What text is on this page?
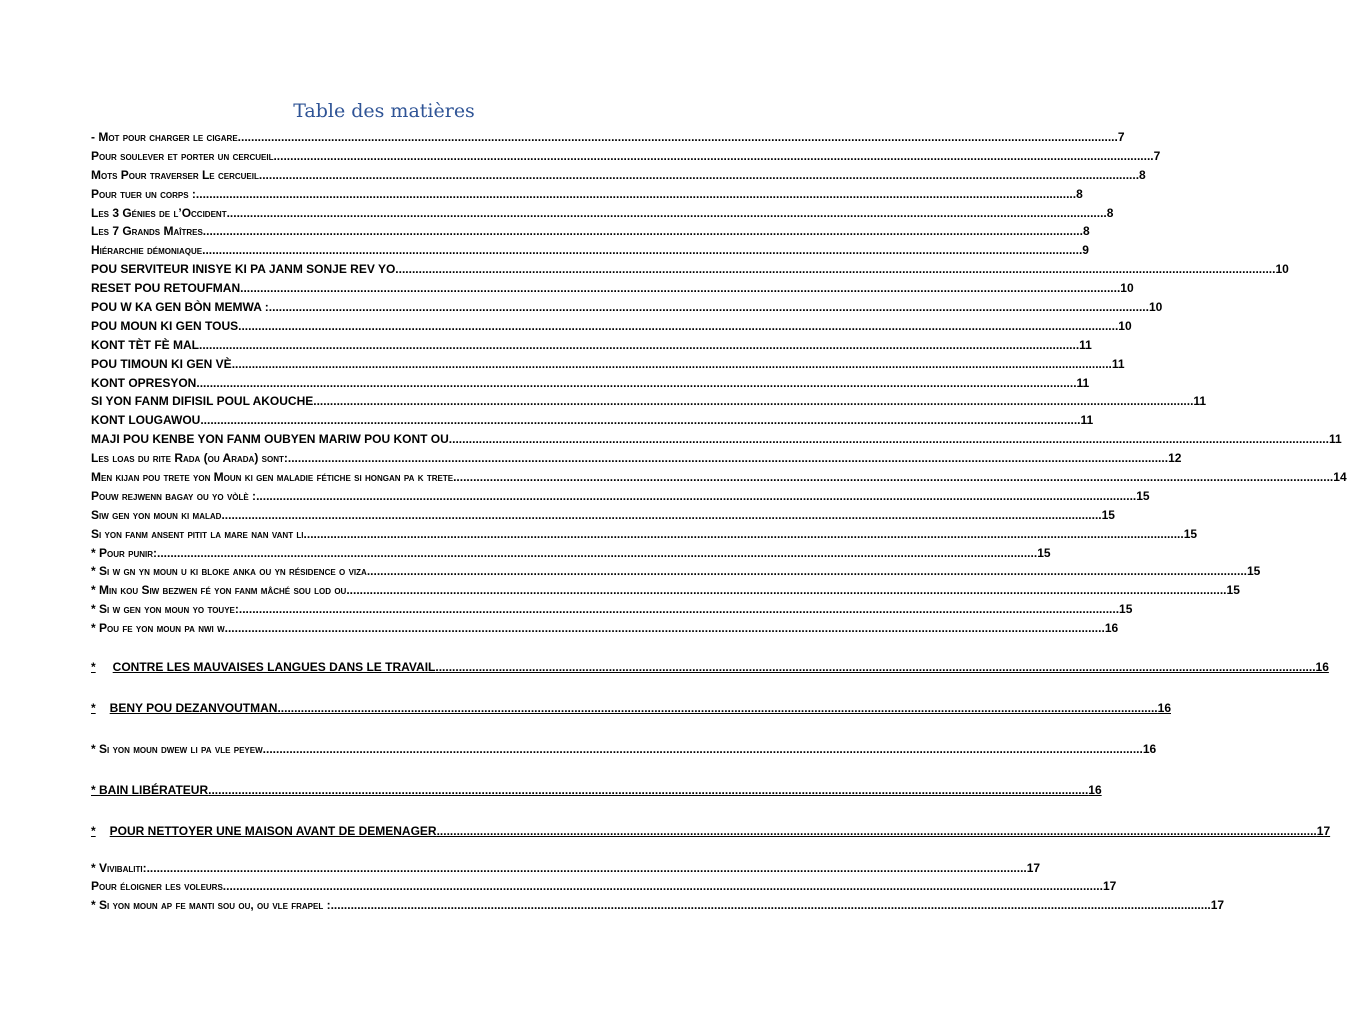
Table des matières
- Mot pour charger le cigare .....	7
Pour soulever et porter un cercueil .....	7
Mots Pour traverser Le cercueil .....	8
Pour tuer un corps : .....	8
Les 3 Génies de l’Occident .....	8
Les 7 Grands Maîtres .....	8
Hiérarchie démoniaque .....	9
POU SERVITEUR INISYE KI PA JANM SONJE REV YO .....	10
RESET POU RETOUFMAN .....	10
POU W KA GEN BÒN MEMWA : .....	10
POU MOUN KI GEN TOUS .....	10
KONT TÈT FÈ MAL .....	11
POU TIMOUN KI GEN VÈ .....	11
KONT OPRESYON .....	11
SI YON FANM DIFISIL POUL AKOUCHE .....	11
KONT LOUGAWOU .....	11
MAJI POU KENBE YON FANM OUBYEN MARIW POU KONT OU .....	11
Les loas du rite Rada (ou Arada) sont: .....	12
Men kijan pou trete yon Moun ki gen maladie fétiche si hongan pa k trete .....	14
Pouw rejwenn bagay ou yo vòlè : .....	15
Siw gen yon moun ki malad .....	15
Si yon fanm ansent pitit la mare nan vant li .....	15
* Pour punir: .....	15
* Si w gn yn moun u ki bloke anka ou yn résidence o viza .....	15
* Min kou Siw bezwen fé yon fanm mâché sou lod ou .....	15
* Si w gen yon moun yo touye: .....	15
* Pou fe yon moun pa nwi w .....	16
* CONTRE LES MAUVAISES LANGUES DANS LE TRAVAIL .....	16
* BENY POU DEZANVOUTMAN .....	16
* Si yon moun dwew li pa vle peyew .....	16
* BAIN LIBÉRATEUR .....	16
* POUR NETTOYER UNE MAISON AVANT DE DEMENAGER .....	17
* Vivibaliti: .....	17
Pour éloigner les voleurs .....	17
* Si yon moun ap fe manti sou ou, ou vle frapel : .....	17
